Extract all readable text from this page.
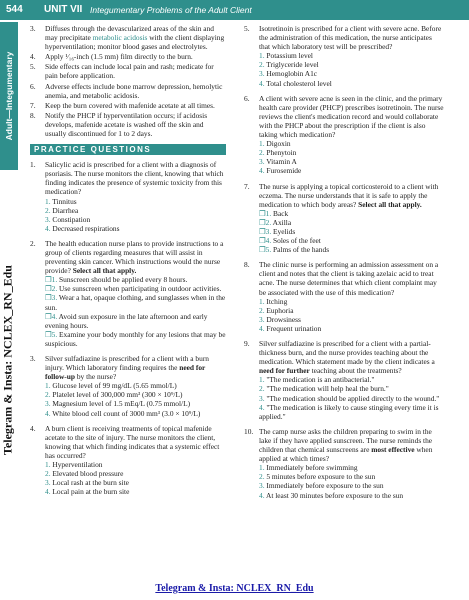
544 UNIT VII Integumentary Problems of the Adult Client
Adult—Integumentary
Telegram & Insta: NCLEX_RN_Edu
3.	Diffuses through the devascularized areas of the skin and may precipitate metabolic acidosis with the client displaying hyperventilation; monitor blood gases and electrolytes.
4.	Apply ¹⁄₁₆-inch (1.5 mm) film directly to the burn.
5.	Side effects can include local pain and rash; medicate for pain before application.
6.	Adverse effects include bone marrow depression, hemolytic anemia, and metabolic acidosis.
7.	Keep the burn covered with mafenide acetate at all times.
8.	Notify the PHCP if hyperventilation occurs; if acidosis develops, mafenide acetate is washed off the skin and usually discontinued for 1 to 2 days.
PRACTICE QUESTIONS
1.	Salicylic acid is prescribed for a client with a diagnosis of psoriasis. The nurse monitors the client, knowing that which finding indicates the presence of systemic toxicity from this medication?
1. Tinnitus
2. Diarrhea
3. Constipation
4. Decreased respirations
2.	The health education nurse plans to provide instructions to a group of clients regarding measures that will assist in preventing skin cancer. Which instructions would the nurse provide? Select all that apply.
❒1. Sunscreen should be applied every 8 hours.
❒2. Use sunscreen when participating in outdoor activities.
❒3. Wear a hat, opaque clothing, and sunglasses when in the sun.
❒4. Avoid sun exposure in the late afternoon and early evening hours.
❒5. Examine your body monthly for any lesions that may be suspicious.
3.	Silver sulfadiazine is prescribed for a client with a burn injury. Which laboratory finding requires the need for follow-up by the nurse?
1. Glucose level of 99 mg/dL (5.65 mmol/L)
2. Platelet level of 300,000 mm³ (300 × 10⁹/L)
3. Magnesium level of 1.5 mEq/L (0.75 mmol/L)
4. White blood cell count of 3000 mm³ (3.0 × 10⁹/L)
4.	A burn client is receiving treatments of topical mafenide acetate to the site of injury. The nurse monitors the client, knowing that which finding indicates that a systemic effect has occurred?
1. Hyperventilation
2. Elevated blood pressure
3. Local rash at the burn site
4. Local pain at the burn site
5.	Isotretinoin is prescribed for a client with severe acne. Before the administration of this medication, the nurse anticipates that which laboratory test will be prescribed?
1. Potassium level
2. Triglyceride level
3. Hemoglobin A1c
4. Total cholesterol level
6.	A client with severe acne is seen in the clinic, and the primary health care provider (PHCP) prescribes isotretinoin. The nurse reviews the client's medication record and would collaborate with the PHCP about the prescription if the client is also taking which medication?
1. Digoxin
2. Phenytoin
3. Vitamin A
4. Furosemide
7.	The nurse is applying a topical corticosteroid to a client with eczema. The nurse understands that it is safe to apply the medication to which body areas? Select all that apply.
❒1. Back
❒2. Axilla
❒3. Eyelids
❒4. Soles of the feet
❒5. Palms of the hands
8.	The clinic nurse is performing an admission assessment on a client and notes that the client is taking azelaic acid to treat acne. The nurse determines that which client complaint may be associated with the use of this medication?
1. Itching
2. Euphoria
3. Drowsiness
4. Frequent urination
9.	Silver sulfadiazine is prescribed for a client with a partial-thickness burn, and the nurse provides teaching about the medication. Which statement made by the client indicates a need for further teaching about the treatments?
1. "The medication is an antibacterial."
2. "The medication will help heal the burn."
3. "The medication should be applied directly to the wound."
4. "The medication is likely to cause stinging every time it is applied."
10. The camp nurse asks the children preparing to swim in the lake if they have applied sunscreen. The nurse reminds the children that chemical sunscreens are most effective when applied at which times?
1. Immediately before swimming
2. 5 minutes before exposure to the sun
3. Immediately before exposure to the sun
4. At least 30 minutes before exposure to the sun
Telegram & Insta: NCLEX_RN_Edu
